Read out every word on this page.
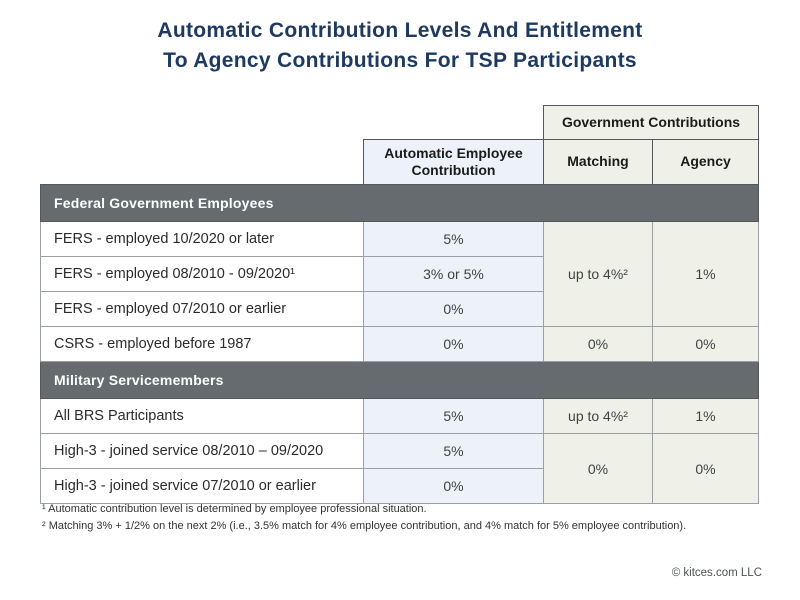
Automatic Contribution Levels And Entitlement
To Agency Contributions For TSP Participants
		Government Contributions	
	Automatic Employee Contribution	Matching	Agency
Federal Government Employees			
FERS - employed 10/2020 or later	5%	up to 4%²	1%
FERS - employed 08/2010 - 09/2020¹	3% or 5%		
FERS - employed 07/2010 or earlier	0%		
CSRS - employed before 1987	0%	0%	0%
Military Servicemembers			
All BRS Participants	5%	up to 4%²	1%
High-3 - joined service 08/2010 – 09/2020	5%	0%	0%
High-3 - joined service 07/2010 or earlier	0%		
¹ Automatic contribution level is determined by employee professional situation.
² Matching 3% + 1/2% on the next 2% (i.e., 3.5% match for 4% employee contribution, and 4% match for 5% employee contribution).
© kitces.com LLC
